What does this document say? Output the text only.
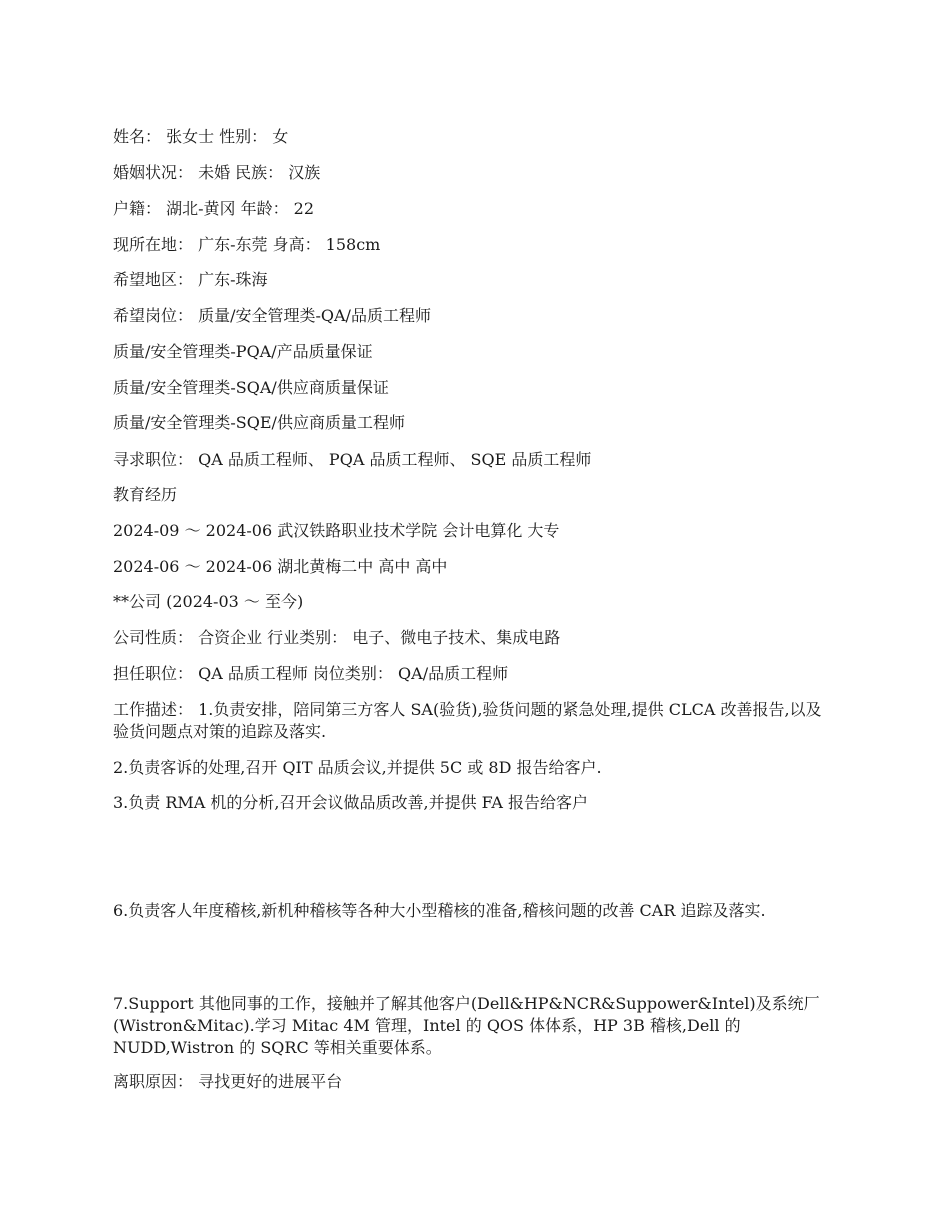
姓名： 张女士 性别： 女
婚姻状况： 未婚 民族： 汉族
户籍： 湖北-黄冈 年龄： 22
现所在地： 广东-东莞 身高： 158cm
希望地区： 广东-珠海
希望岗位： 质量/安全管理类-QA/品质工程师
质量/安全管理类-PQA/产品质量保证
质量/安全管理类-SQA/供应商质量保证
质量/安全管理类-SQE/供应商质量工程师
寻求职位： QA 品质工程师、 PQA 品质工程师、 SQE 品质工程师
教育经历
2024-09 ～ 2024-06 武汉铁路职业技术学院 会计电算化 大专
2024-06 ～ 2024-06 湖北黄梅二中 高中 高中
**公司 (2024-03 ～ 至今)
公司性质： 合资企业 行业类别： 电子、微电子技术、集成电路
担任职位： QA 品质工程师 岗位类别： QA/品质工程师
工作描述： 1.负责安排，陪同第三方客人 SA(验货),验货问题的紧急处理,提供 CLCA 改善报告,以及验货问题点对策的追踪及落实.
2.负责客诉的处理,召开 QIT 品质会议,并提供 5C 或 8D 报告给客户.
3.负责 RMA 机的分析,召开会议做品质改善,并提供 FA 报告给客户
6.负责客人年度稽核,新机种稽核等各种大小型稽核的准备,稽核问题的改善 CAR 追踪及落实.
7.Support 其他同事的工作，接触并了解其他客户(Dell&HP&NCR&Suppower&Intel)及系统厂(Wistron&Mitac).学习 Mitac 4M 管理，Intel 的 QOS 体体系，HP 3B 稽核,Dell 的 NUDD,Wistron 的 SQRC 等相关重要体系。
离职原因： 寻找更好的进展平台
